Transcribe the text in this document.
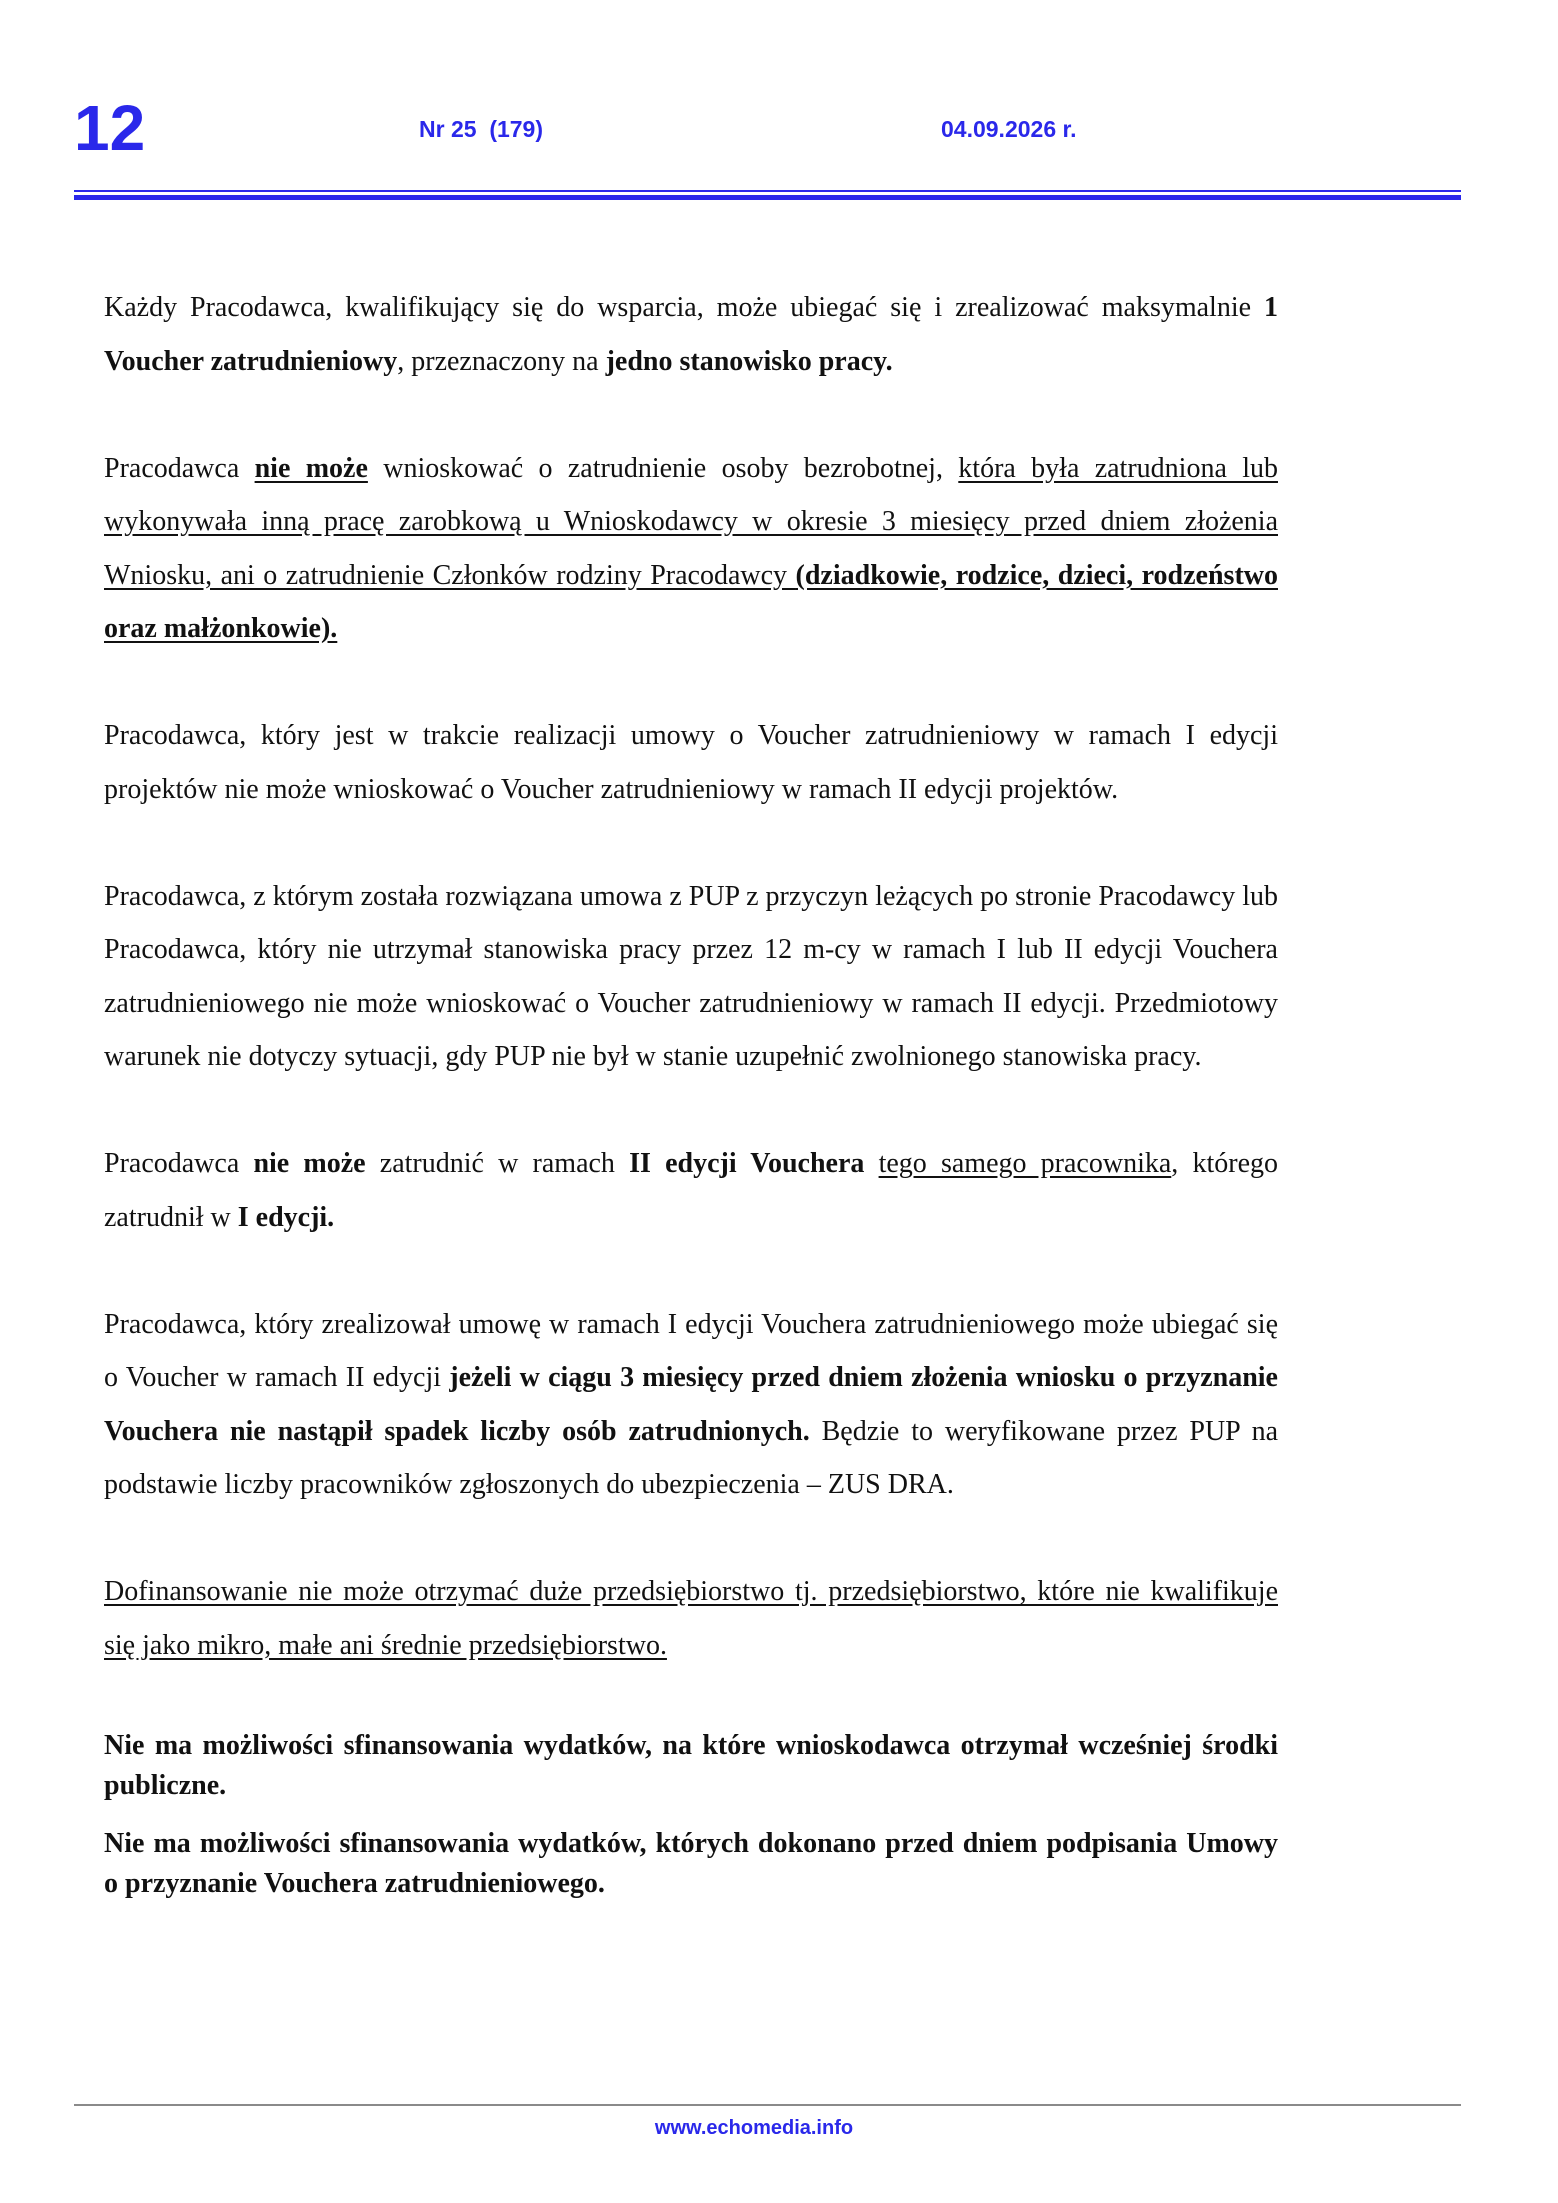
12	Nr 25  (179)	04.09.2026 r.

Każdy Pracodawca, kwalifikujący się do wsparcia, może ubiegać się i zrealizować maksymalnie 1 Voucher zatrudnieniowy, przeznaczony na jedno stanowisko pracy.

Pracodawca nie może wnioskować o zatrudnienie osoby bezrobotnej, która była zatrudniona lub wykonywała inną pracę zarobkową u Wnioskodawcy w okresie 3 miesięcy przed dniem złożenia Wniosku, ani o zatrudnienie Członków rodziny Pracodawcy (dziadkowie, rodzice, dzieci, rodzeństwo oraz małżonkowie).

Pracodawca, który jest w trakcie realizacji umowy o Voucher zatrudnieniowy w ramach I edycji projektów nie może wnioskować o Voucher zatrudnieniowy w ramach II edycji projektów.

Pracodawca, z którym została rozwiązana umowa z PUP z przyczyn leżących po stronie Pracodawcy lub Pracodawca, który nie utrzymał stanowiska pracy przez 12 m-cy w ramach I lub II edycji Vouchera zatrudnieniowego nie może wnioskować o Voucher zatrudnieniowy w ramach II edycji. Przedmiotowy warunek nie dotyczy sytuacji, gdy PUP nie był w stanie uzupełnić zwolnionego stanowiska pracy.

Pracodawca nie może zatrudnić w ramach II edycji Vouchera tego samego pracownika, którego zatrudnił w I edycji.

Pracodawca, który zrealizował umowę w ramach I edycji Vouchera zatrudnieniowego może ubiegać się o Voucher w ramach II edycji jeżeli w ciągu 3 miesięcy przed dniem złożenia wniosku o przyznanie Vouchera nie nastąpił spadek liczby osób zatrudnionych. Będzie to weryfikowane przez PUP na podstawie liczby pracowników zgłoszonych do ubezpieczenia – ZUS DRA.

Dofinansowanie nie może otrzymać duże przedsiębiorstwo tj. przedsiębiorstwo, które nie kwalifikuje się jako mikro, małe ani średnie przedsiębiorstwo.

Nie ma możliwości sfinansowania wydatków, na które wnioskodawca otrzymał wcześniej środki publiczne.

Nie ma możliwości sfinansowania wydatków, których dokonano przed dniem podpisania Umowy o przyznanie Vouchera zatrudnieniowego.

www.echomedia.info
